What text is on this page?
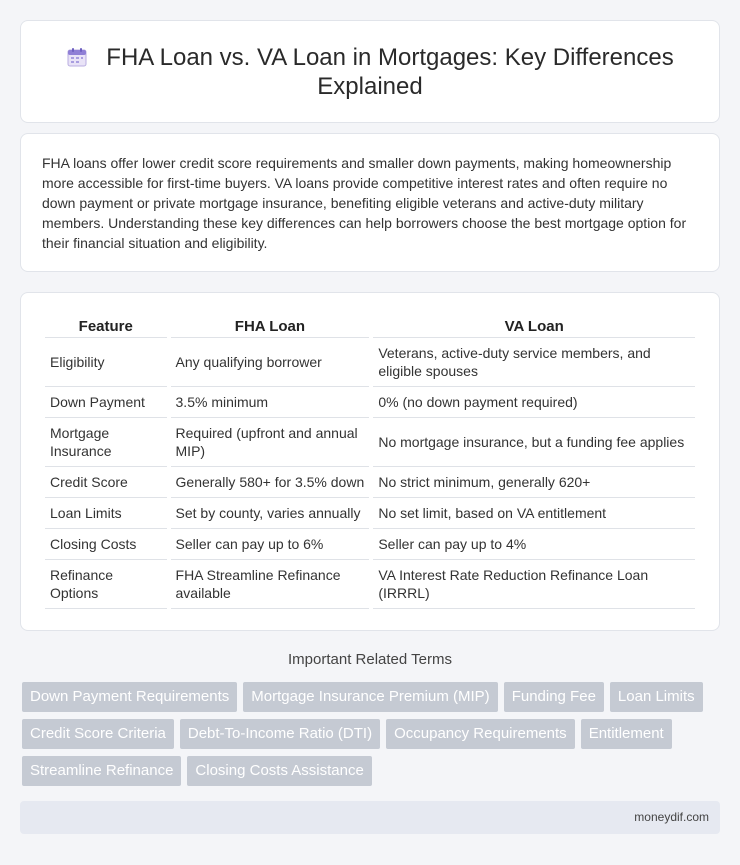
FHA Loan vs. VA Loan in Mortgages: Key Differences Explained

FHA loans offer lower credit score requirements and smaller down payments, making homeownership more accessible for first-time buyers. VA loans provide competitive interest rates and often require no down payment or private mortgage insurance, benefiting eligible veterans and active-duty military members. Understanding these key differences can help borrowers choose the best mortgage option for their financial situation and eligibility.

Feature	FHA Loan	VA Loan
Eligibility	Any qualifying borrower	Veterans, active-duty service members, and eligible spouses
Down Payment	3.5% minimum	0% (no down payment required)
Mortgage Insurance	Required (upfront and annual MIP)	No mortgage insurance, but a funding fee applies
Credit Score	Generally 580+ for 3.5% down	No strict minimum, generally 620+
Loan Limits	Set by county, varies annually	No set limit, based on VA entitlement
Closing Costs	Seller can pay up to 6%	Seller can pay up to 4%
Refinance Options	FHA Streamline Refinance available	VA Interest Rate Reduction Refinance Loan (IRRRL)
Important Related Terms
Down Payment Requirements	Mortgage Insurance Premium (MIP)	Funding Fee	Loan Limits
Credit Score Criteria	Debt-To-Income Ratio (DTI)	Occupancy Requirements	Entitlement
Streamline Refinance	Closing Costs Assistance
moneydif.com
